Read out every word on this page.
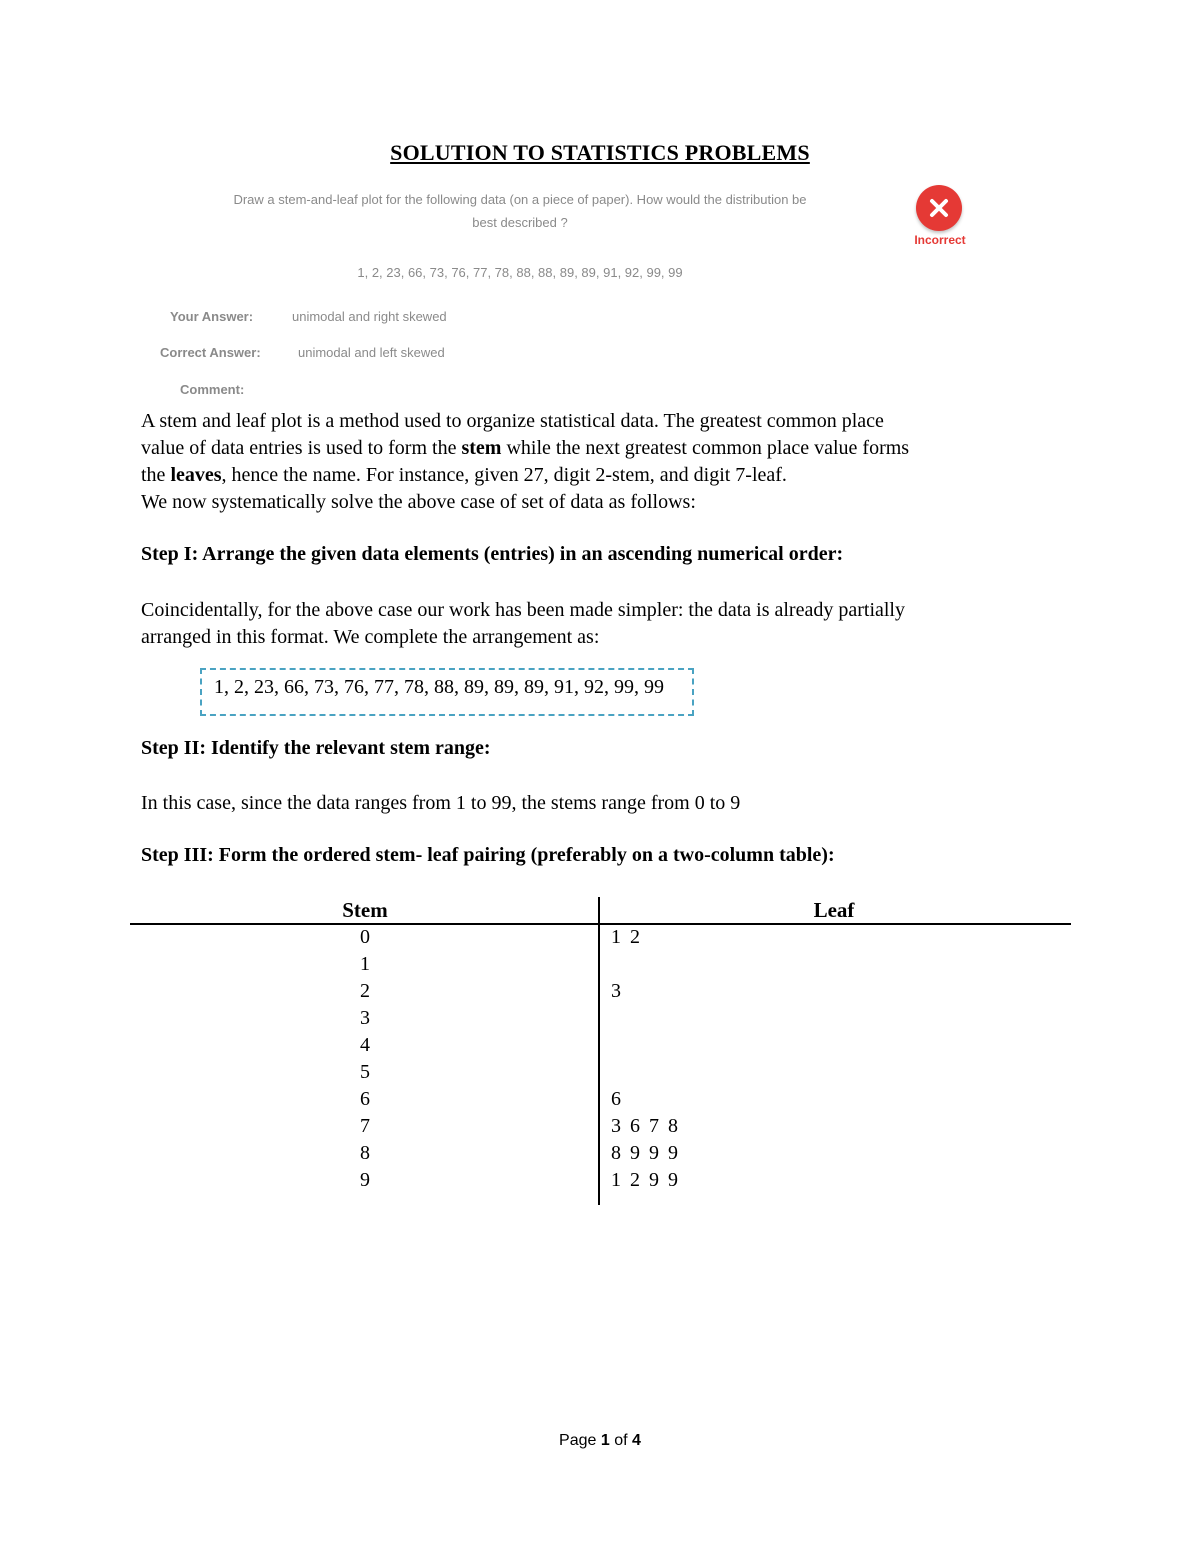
SOLUTION TO STATISTICS PROBLEMS
Draw a stem-and-leaf plot for the following data (on a piece of paper). How would the distribution be
best described ?
Incorrect
1, 2, 23, 66, 73, 76, 77, 78, 88, 88, 89, 89, 91, 92, 99, 99
Your Answer:	unimodal and right skewed
Correct Answer:	unimodal and left skewed
Comment:
A stem and leaf plot is a method used to organize statistical data. The greatest common place
value of data entries is used to form the stem while the next greatest common place value forms
the leaves, hence the name. For instance, given 27, digit 2-stem, and digit 7-leaf.
We now systematically solve the above case of set of data as follows:
Step I: Arrange the given data elements (entries) in an ascending numerical order:
Coincidentally, for the above case our work has been made simpler: the data is already partially
arranged in this format. We complete the arrangement as:
1, 2, 23, 66, 73, 76, 77, 78, 88, 89, 89, 89, 91, 92, 99, 99
Step II: Identify the relevant stem range:
In this case, since the data ranges from 1 to 99, the stems range from 0 to 9
Step III: Form the ordered stem- leaf pairing (preferably on a two-column table):
Stem	Leaf
0	1 2
1
2	3
3
4
5
6	6
7	3 6 7 8
8	8 9 9 9
9	1 2 9 9
Page 1 of 4
